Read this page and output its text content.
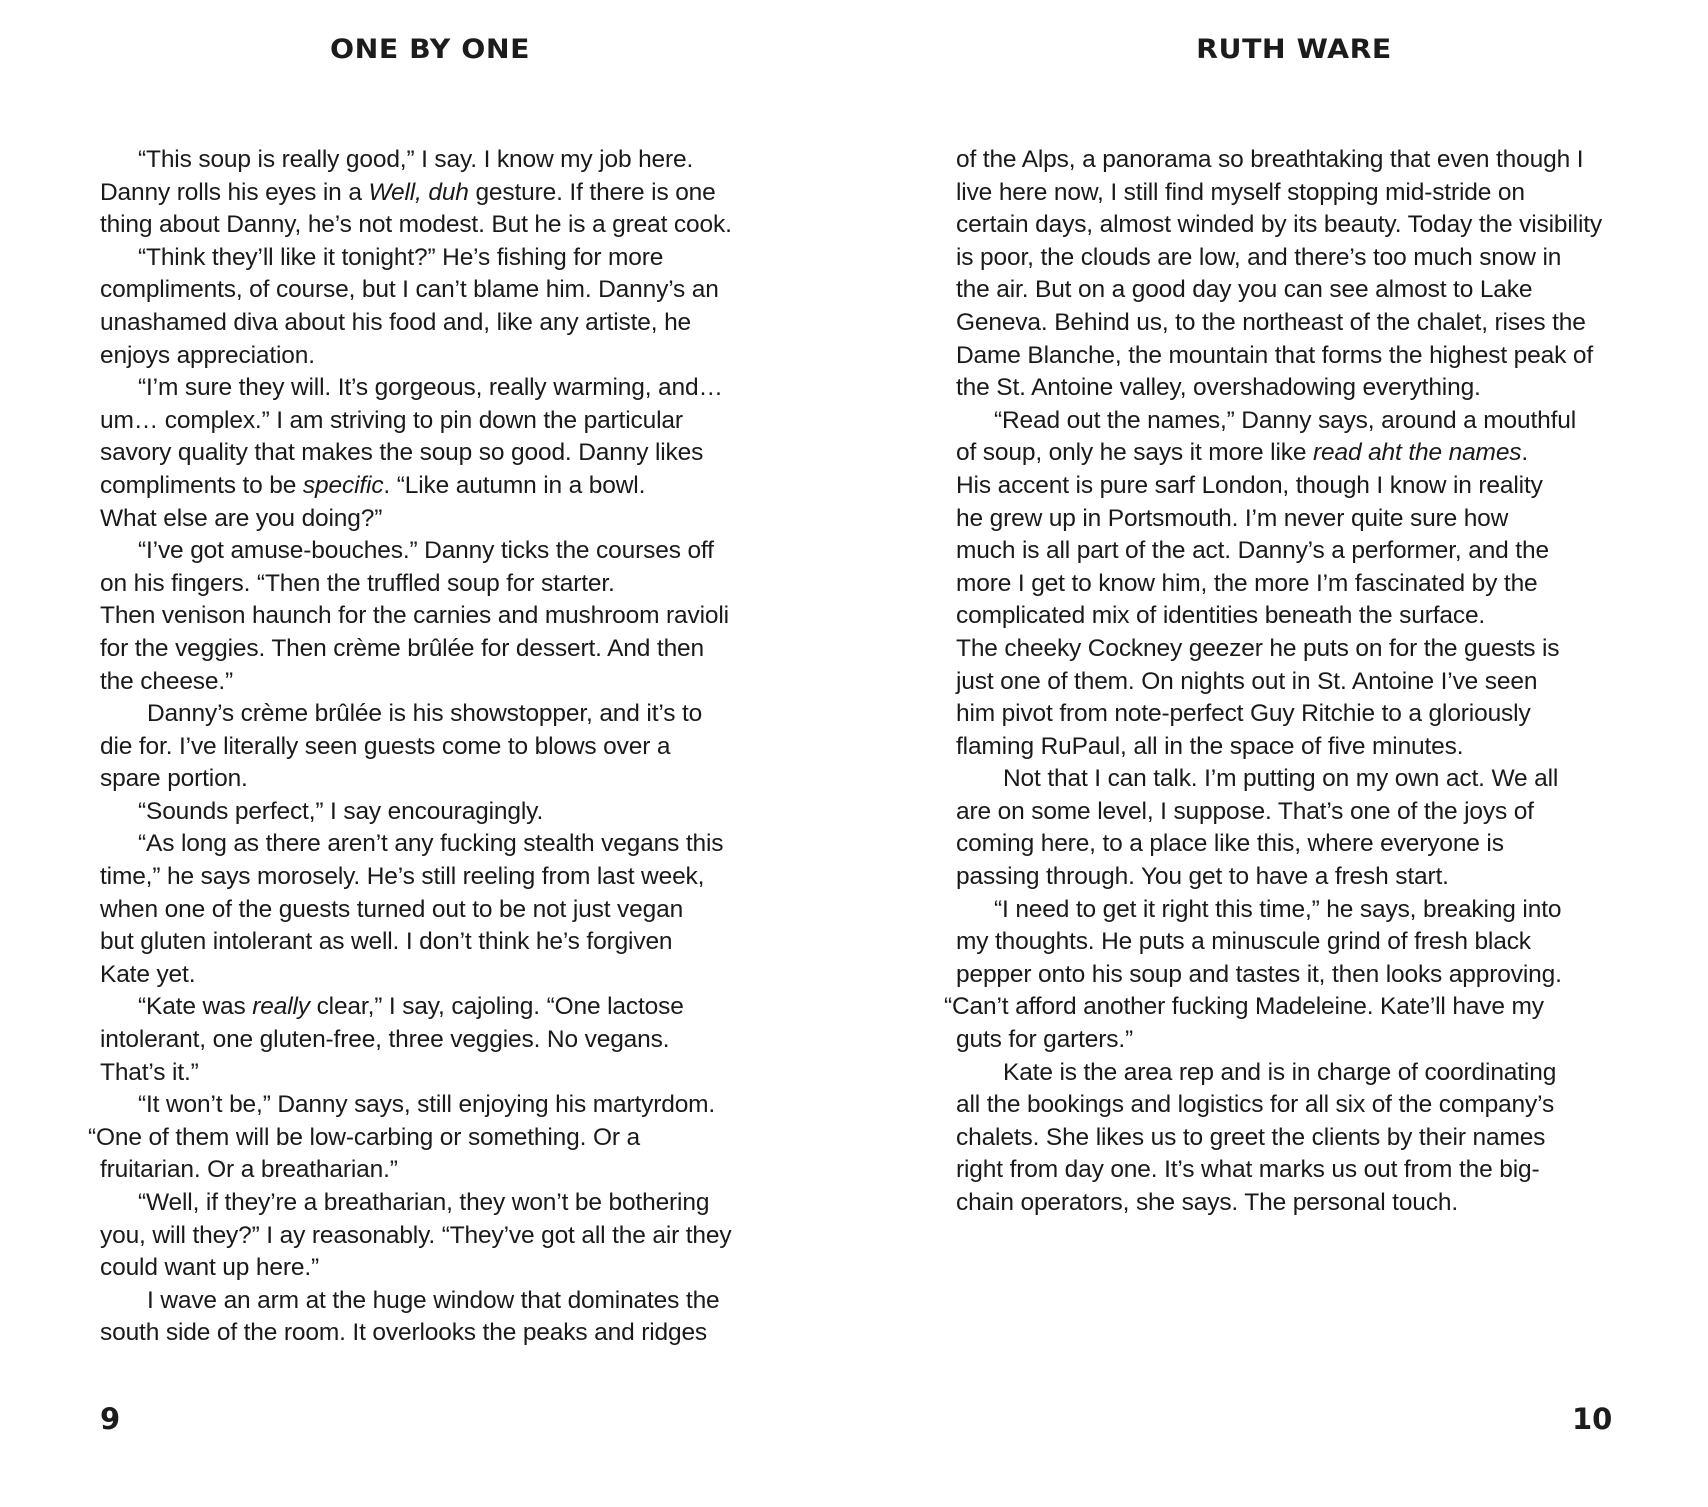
ONE BY ONE
“This soup is really good,” I say. I know my job here.
Danny rolls his eyes in a Well, duh gesture. If there is one
thing about Danny, he’s not modest. But he is a great cook.
“Think they’ll like it tonight?” He’s fishing for more
compliments, of course, but I can’t blame him. Danny’s an
unashamed diva about his food and, like any artiste, he
enjoys appreciation.
“I’m sure they will. It’s gorgeous, really warming, and…
um… complex.” I am striving to pin down the particular
savory quality that makes the soup so good. Danny likes
compliments to be specific. “Like autumn in a bowl.
What else are you doing?”
“I’ve got amuse-bouches.” Danny ticks the courses off
on his fingers. “Then the truffled soup for starter.
Then venison haunch for the carnies and mushroom ravioli
for the veggies. Then crème brûlée for dessert. And then
the cheese.”
Danny’s crème brûlée is his showstopper, and it’s to
die for. I’ve literally seen guests come to blows over a
spare portion.
“Sounds perfect,” I say encouragingly.
“As long as there aren’t any fucking stealth vegans this
time,” he says morosely. He’s still reeling from last week,
when one of the guests turned out to be not just vegan
but gluten intolerant as well. I don’t think he’s forgiven
Kate yet.
“Kate was really clear,” I say, cajoling. “One lactose
intolerant, one gluten-free, three veggies. No vegans.
That’s it.”
“It won’t be,” Danny says, still enjoying his martyrdom.
“One of them will be low-carbing or something. Or a
fruitarian. Or a breatharian.”
“Well, if they’re a breatharian, they won’t be bothering
you, will they?” I ay reasonably. “They’ve got all the air they
could want up here.”
I wave an arm at the huge window that dominates the
south side of the room. It overlooks the peaks and ridges
9
RUTH WARE
of the Alps, a panorama so breathtaking that even though I
live here now, I still find myself stopping mid-stride on
certain days, almost winded by its beauty. Today the visibility
is poor, the clouds are low, and there’s too much snow in
the air. But on a good day you can see almost to Lake
Geneva. Behind us, to the northeast of the chalet, rises the
Dame Blanche, the mountain that forms the highest peak of
the St. Antoine valley, overshadowing everything.
“Read out the names,” Danny says, around a mouthful
of soup, only he says it more like read aht the names.
His accent is pure sarf London, though I know in reality
he grew up in Portsmouth. I’m never quite sure how
much is all part of the act. Danny’s a performer, and the
more I get to know him, the more I’m fascinated by the
complicated mix of identities beneath the surface.
The cheeky Cockney geezer he puts on for the guests is
just one of them. On nights out in St. Antoine I’ve seen
him pivot from note-perfect Guy Ritchie to a gloriously
flaming RuPaul, all in the space of five minutes.
Not that I can talk. I’m putting on my own act. We all
are on some level, I suppose. That’s one of the joys of
coming here, to a place like this, where everyone is
passing through. You get to have a fresh start.
“I need to get it right this time,” he says, breaking into
my thoughts. He puts a minuscule grind of fresh black
pepper onto his soup and tastes it, then looks approving.
“Can’t afford another fucking Madeleine. Kate’ll have my
guts for garters.”
Kate is the area rep and is in charge of coordinating
all the bookings and logistics for all six of the company’s
chalets. She likes us to greet the clients by their names
right from day one. It’s what marks us out from the big-
chain operators, she says. The personal touch.
10
